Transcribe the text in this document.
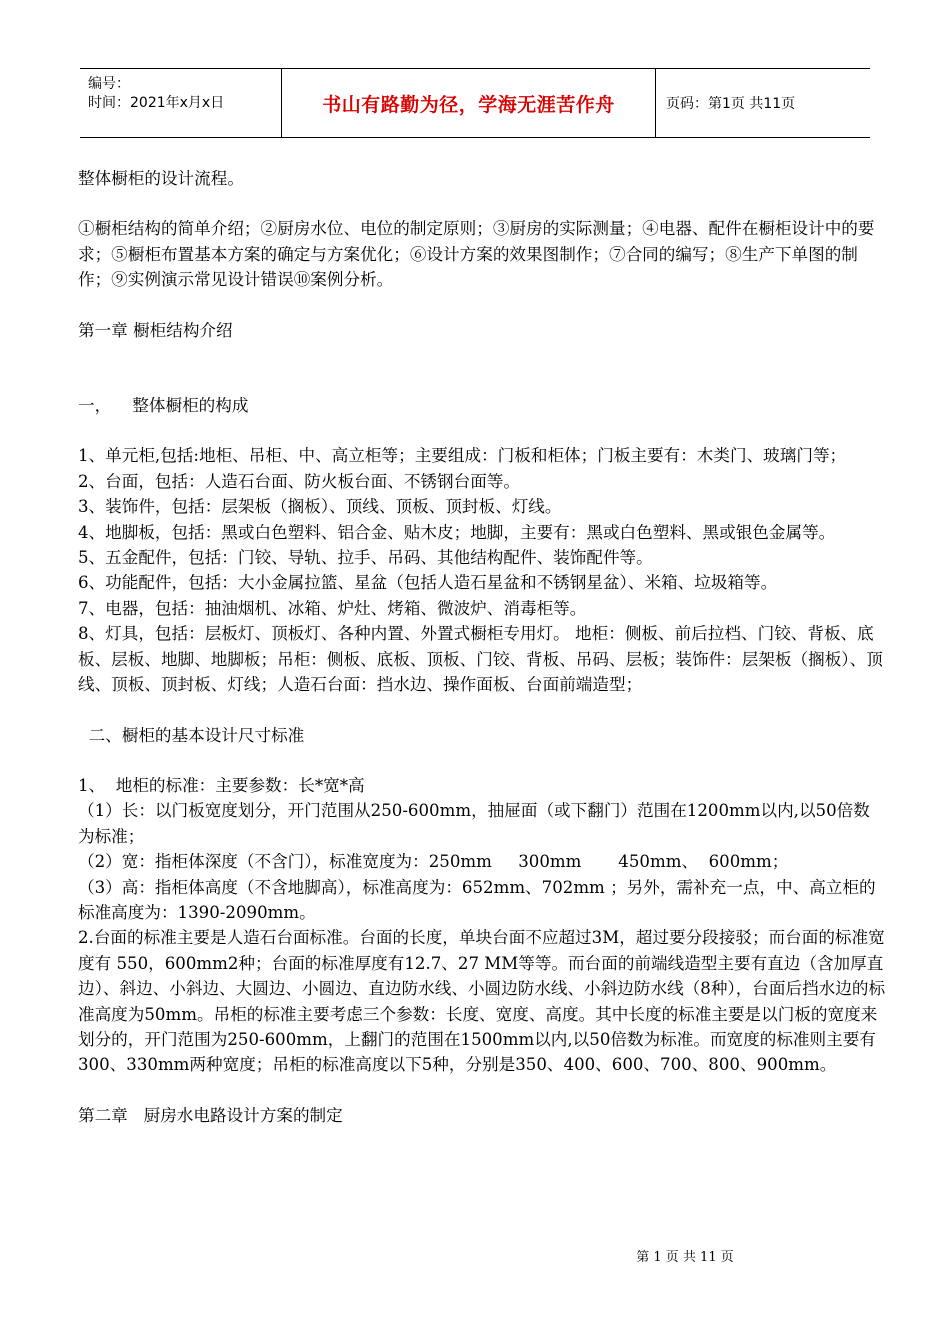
编号：
时间：2021年x月x日	书山有路勤为径，学海无涯苦作舟	页码：第1页 共11页

整体橱柜的设计流程。

①橱柜结构的简单介绍；②厨房水位、电位的制定原则；③厨房的实际测量；④电器、配件在橱柜设计中的要求；⑤橱柜布置基本方案的确定与方案优化；⑥设计方案的效果图制作；⑦合同的编写；⑧生产下单图的制作；⑨实例演示常见设计错误⑩案例分析。

第一章 橱柜结构介绍

一，    整体橱柜的构成

1、单元柜,包括:地柜、吊柜、中、高立柜等；主要组成：门板和柜体；门板主要有：木类门、玻璃门等；

2、台面，包括：人造石台面、防火板台面、不锈钢台面等。

3、装饰件，包括：层架板（搁板）、顶线、顶板、顶封板、灯线。

4、地脚板，包括：黑或白色塑料、铝合金、贴木皮；地脚，主要有：黑或白色塑料、黑或银色金属等。

5、五金配件，包括：门铰、导轨、拉手、吊码、其他结构配件、装饰配件等。

6、功能配件，包括：大小金属拉篮、星盆（包括人造石星盆和不锈钢星盆）、米箱、垃圾箱等。

7、电器，包括：抽油烟机、冰箱、炉灶、烤箱、微波炉、消毒柜等。

8、灯具，包括：层板灯、顶板灯、各种内置、外置式橱柜专用灯。 地柜：侧板、前后拉档、门铰、背板、底板、层板、地脚、地脚板；吊柜：侧板、底板、顶板、门铰、背板、吊码、层板；装饰件：层架板（搁板）、顶线、顶板、顶封板、灯线；人造石台面：挡水边、操作面板、台面前端造型；

二、橱柜的基本设计尺寸标准

1、  地柜的标准：主要参数：长*宽*高

（1）长：以门板宽度划分，开门范围从250-600mm，抽屉面（或下翻门）范围在1200mm以内,以50倍数为标准；

（2）宽：指柜体深度（不含门），标准宽度为：250mm     300mm       450mm、  600mm；

（3）高：指柜体高度（不含地脚高），标准高度为：652mm、702mm ；另外，需补充一点，中、高立柜的标准高度为：1390-2090mm。

2.台面的标准主要是人造石台面标准。台面的长度，单块台面不应超过3M，超过要分段接驳；而台面的标准宽度有 550，600mm2种；台面的标准厚度有12.7、27 MM等等。而台面的前端线造型主要有直边（含加厚直边）、斜边、小斜边、大圆边、小圆边、直边防水线、小圆边防水线、小斜边防水线（8种），台面后挡水边的标准高度为50mm。吊柜的标准主要考虑三个参数：长度、宽度、高度。其中长度的标准主要是以门板的宽度来划分的，开门范围为250-600mm，上翻门的范围在1500mm以内,以50倍数为标准。而宽度的标准则主要有300、330mm两种宽度；吊柜的标准高度以下5种，分别是350、400、600、700、800、900mm。

第二章   厨房水电路设计方案的制定

第 1 页 共 11 页
